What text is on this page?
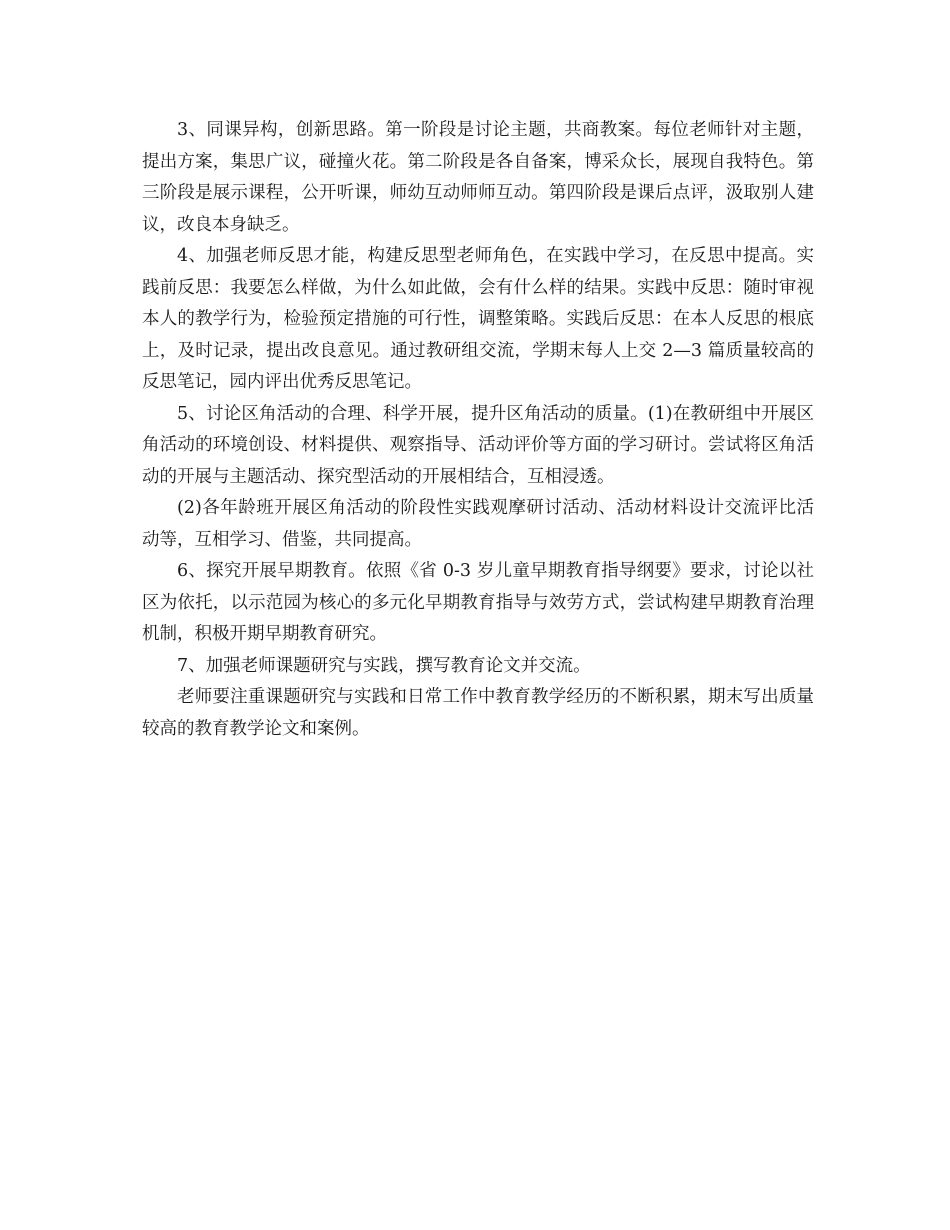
3、同课异构，创新思路。第一阶段是讨论主题，共商教案。每位老师针对主题，提出方案，集思广议，碰撞火花。第二阶段是各自备案，博采众长，展现自我特色。第三阶段是展示课程，公开听课，师幼互动师师互动。第四阶段是课后点评，汲取别人建议，改良本身缺乏。

4、加强老师反思才能，构建反思型老师角色，在实践中学习，在反思中提高。实践前反思：我要怎么样做，为什么如此做，会有什么样的结果。实践中反思：随时审视本人的教学行为，检验预定措施的可行性，调整策略。实践后反思：在本人反思的根底上，及时记录，提出改良意见。通过教研组交流，学期末每人上交 2—3 篇质量较高的反思笔记，园内评出优秀反思笔记。

5、讨论区角活动的合理、科学开展，提升区角活动的质量。(1)在教研组中开展区角活动的环境创设、材料提供、观察指导、活动评价等方面的学习研讨。尝试将区角活动的开展与主题活动、探究型活动的开展相结合，互相浸透。

(2)各年龄班开展区角活动的阶段性实践观摩研讨活动、活动材料设计交流评比活动等，互相学习、借鉴，共同提高。

6、探究开展早期教育。依照《省 0-3 岁儿童早期教育指导纲要》要求，讨论以社区为依托，以示范园为核心的多元化早期教育指导与效劳方式，尝试构建早期教育治理机制，积极开期早期教育研究。

7、加强老师课题研究与实践，撰写教育论文并交流。

老师要注重课题研究与实践和日常工作中教育教学经历的不断积累，期末写出质量较高的教育教学论文和案例。
